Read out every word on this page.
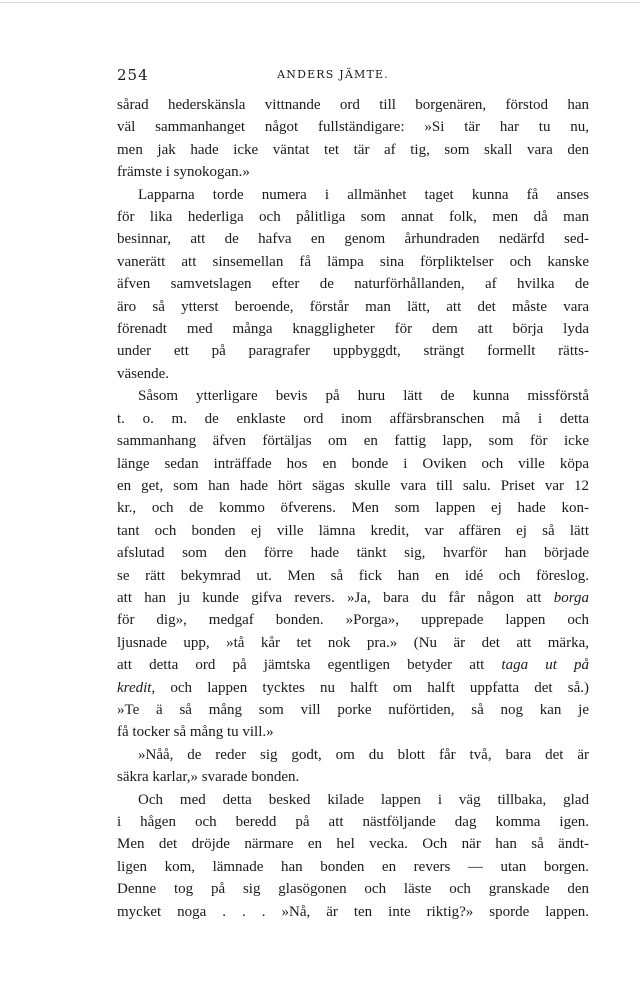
254	ANDERS JÄMTE.
sårad hederskänsla vittnande ord till borgenären, förstod han
väl sammanhanget något fullständigare: »Si tär har tu nu,
men jak hade icke väntat tet tär af tig, som skall vara den
främste i synokogan.»
Lapparna torde numera i allmänhet taget kunna få anses
för lika hederliga och pålitliga som annat folk, men då man
besinnar, att de hafva en genom århundraden nedärfd sed-
vanerätt att sinsemellan få lämpa sina förpliktelser och kanske
äfven samvetslagen efter de naturförhållanden, af hvilka de
äro så ytterst beroende, förstår man lätt, att det måste vara
förenadt med många knaggligheter för dem att börja lyda
under ett på paragrafer uppbyggdt, strängt formellt rätts-
väsende.
Såsom ytterligare bevis på huru lätt de kunna missförstå
t. o. m. de enklaste ord inom affärsbranschen må i detta
sammanhang äfven förtäljas om en fattig lapp, som för icke
länge sedan inträffade hos en bonde i Oviken och ville köpa
en get, som han hade hört sägas skulle vara till salu. Priset var 12
kr., och de kommo öfverens. Men som lappen ej hade kon-
tant och bonden ej ville lämna kredit, var affären ej så lätt
afslutad som den förre hade tänkt sig, hvarför han började
se rätt bekymrad ut. Men så fick han en idé och föreslog.
att han ju kunde gifva revers. »Ja, bara du får någon att borga
för dig», medgaf bonden. »Porga», upprepade lappen och
ljusnade upp, »tå kår tet nok pra.» (Nu är det att märka,
att detta ord på jämtska egentligen betyder att taga ut på
kredit, och lappen tycktes nu halft om halft uppfatta det så.)
»Te ä så mång som vill porke nuförtiden, så nog kan je
få tocker så mång tu vill.»
»Nåå, de reder sig godt, om du blott får två, bara det är
säkra karlar,» svarade bonden.
Och med detta besked kilade lappen i väg tillbaka, glad
i hågen och beredd på att nästföljande dag komma igen.
Men det dröjde närmare en hel vecka. Och när han så ändt-
ligen kom, lämnade han bonden en revers — utan borgen.
Denne tog på sig glasögonen och läste och granskade den
mycket noga . . . »Nå, är ten inte riktig?» sporde lappen.
